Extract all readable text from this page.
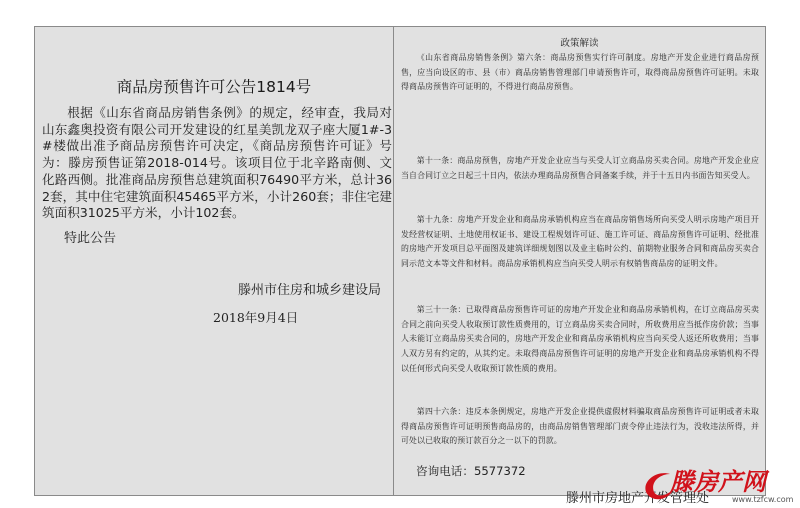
商品房预售许可公告1814号
根据《山东省商品房销售条例》的规定，经审查，我局对山东鑫奥投资有限公司开发建设的红星美凯龙双子座大厦1#-3#楼做出准予商品房预售许可决定，《商品房预售许可证》号为：滕房预售证第2018-014号。该项目位于北辛路南侧、文化路西侧。批准商品房预售总建筑面积76490平方米，总计362套，其中住宅建筑面积45465平方米，小计260套；非住宅建筑面积31025平方米，小计102套。
特此公告
滕州市住房和城乡建设局
2018年9月4日
政策解读
《山东省商品房销售条例》第六条：商品房预售实行许可制度。房地产开发企业进行商品房预售，应当向设区的市、县（市）商品房销售管理部门申请预售许可，取得商品房预售许可证明。未取得商品房预售许可证明的，不得进行商品房预售。
第十一条：商品房预售，房地产开发企业应当与买受人订立商品房买卖合同。房地产开发企业应当自合同订立之日起三十日内，依法办理商品房预售合同备案手续，并于十五日内书面告知买受人。
第十九条：房地产开发企业和商品房承销机构应当在商品房销售场所向买受人明示房地产项目开发经营权证明、土地使用权证书、建设工程规划许可证、施工许可证、商品房预售许可证明、经批准的房地产开发项目总平面图及建筑详细规划图以及业主临时公约、前期物业服务合同和商品房买卖合同示范文本等文件和材料。商品房承销机构应当向买受人明示有权销售商品房的证明文件。
第三十一条：已取得商品房预售许可证的房地产开发企业和商品房承销机构，在订立商品房买卖合同之前向买受人收取预订款性质费用的，订立商品房买卖合同时，所收费用应当抵作房价款；当事人未能订立商品房买卖合同的，房地产开发企业和商品房承销机构应当向买受人返还所收费用；当事人双方另有约定的，从其约定。未取得商品房预售许可证明的房地产开发企业和商品房承销机构不得以任何形式向买受人收取预订款性质的费用。
第四十六条：违反本条例规定，房地产开发企业提供虚假材料骗取商品房预售许可证明或者未取得商品房预售许可证明预售商品房的，由商品房销售管理部门责令停止违法行为，没收违法所得，并可处以已收取的预订款百分之一以下的罚款。
咨询电话：5577372
滕州市房地产开发管理处
滕房产网
www.tzfcw.com
